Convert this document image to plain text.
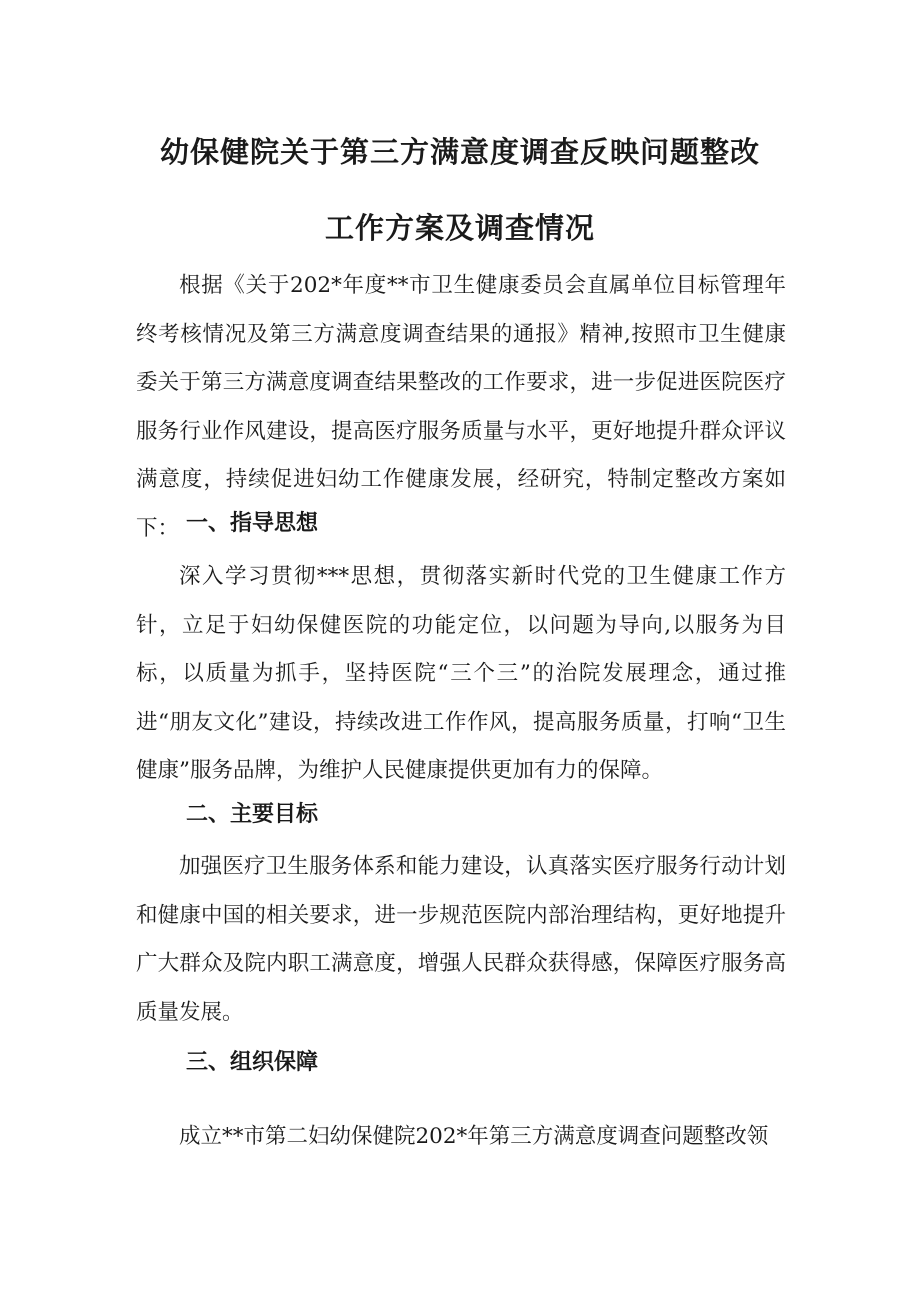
幼保健院关于第三方满意度调查反映问题整改
工作方案及调查情况
根据《关于202*年度**市卫生健康委员会直属单位目标管理年终考核情况及第三方满意度调查结果的通报》精神,按照市卫生健康委关于第三方满意度调查结果整改的工作要求，进一步促进医院医疗服务行业作风建设，提高医疗服务质量与水平，更好地提升群众评议满意度，持续促进妇幼工作健康发展，经研究，特制定整改方案如下： 一、指导思想
深入学习贯彻***思想，贯彻落实新时代党的卫生健康工作方针，立足于妇幼保健医院的功能定位，以问题为导向,以服务为目标，以质量为抓手，坚持医院“三个三”的治院发展理念，通过推进“朋友文化”建设，持续改进工作作风，提高服务质量，打响“卫生健康”服务品牌，为维护人民健康提供更加有力的保障。
二、主要目标
加强医疗卫生服务体系和能力建设，认真落实医疗服务行动计划和健康中国的相关要求，进一步规范医院内部治理结构，更好地提升广大群众及院内职工满意度，增强人民群众获得感，保障医疗服务高质量发展。
三、组织保障
成立**市第二妇幼保健院202*年第三方满意度调查问题整改领
